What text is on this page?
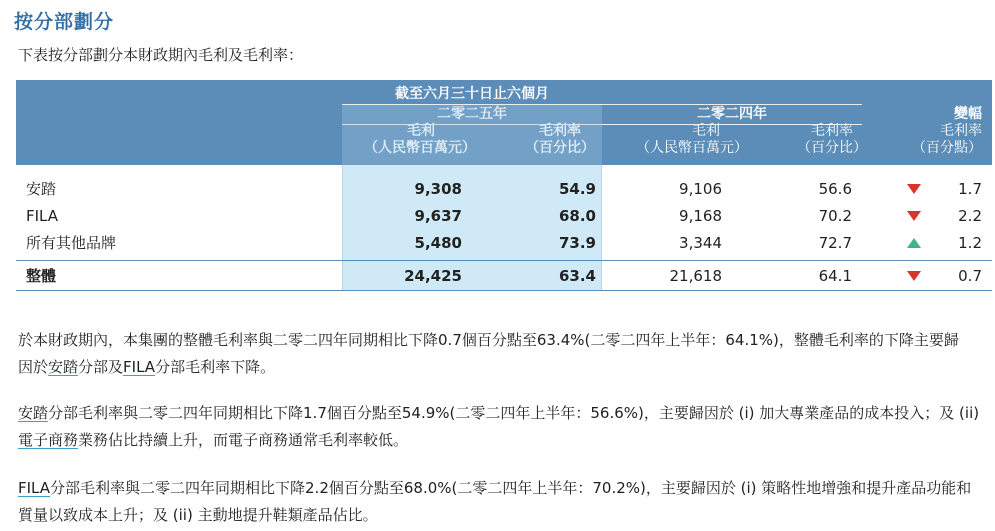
按分部劃分
下表按分部劃分本財政期內毛利及毛利率：
截至六月三十日止六個月
二零二五年	二零二四年	變幅
毛利
（人民幣百萬元）
毛利率
（百分比）
毛利
（人民幣百萬元）
毛利率
（百分比）
毛利率
（百分點）
安踏	9,308	54.9	9,106	56.6	1.7
FILA	9,637	68.0	9,168	70.2	2.2
所有其他品牌	5,480	73.9	3,344	72.7	1.2
整體	24,425	63.4	21,618	64.1	0.7
於本財政期內，本集團的整體毛利率與二零二四年同期相比下降0.7個百分點至63.4%(二零二四年上半年：64.1%)，整體毛利率的下降主要歸
因於安踏分部及FILA分部毛利率下降。
安踏分部毛利率與二零二四年同期相比下降1.7個百分點至54.9%(二零二四年上半年：56.6%)，主要歸因於 (i) 加大專業產品的成本投入；及 (ii)
電子商務業務佔比持續上升，而電子商務通常毛利率較低。
FILA分部毛利率與二零二四年同期相比下降2.2個百分點至68.0%(二零二四年上半年：70.2%)，主要歸因於 (i) 策略性地增強和提升產品功能和
質量以致成本上升；及 (ii) 主動地提升鞋類產品佔比。
